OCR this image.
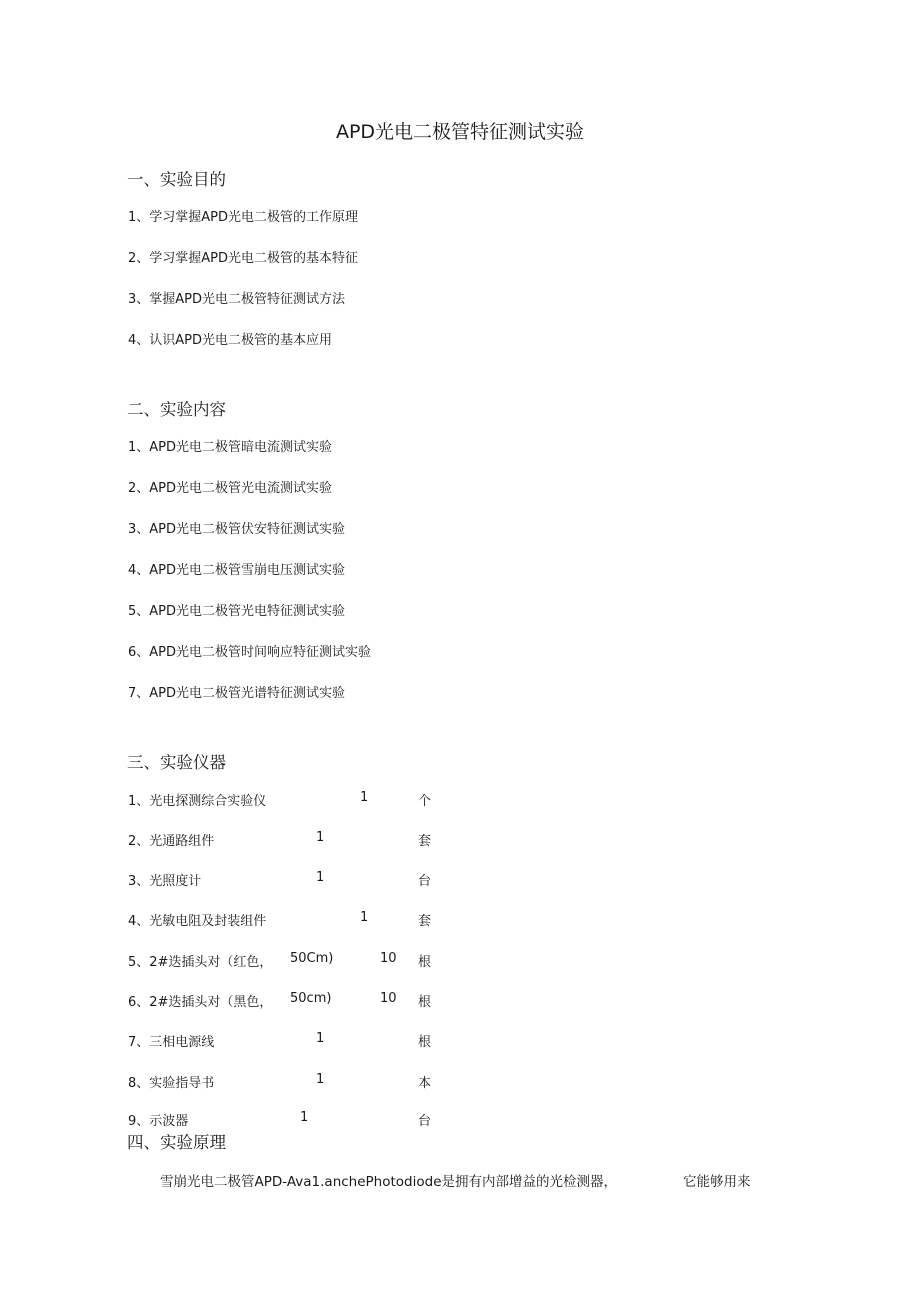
APD光电二极管特征测试实验
一、实验目的
1、学习掌握APD光电二极管的工作原理
2、学习掌握APD光电二极管的基本特征
3、掌握APD光电二极管特征测试方法
4、认识APD光电二极管的基本应用
二、实验内容
1、APD光电二极管暗电流测试实验
2、APD光电二极管光电流测试实验
3、APD光电二极管伏安特征测试实验
4、APD光电二极管雪崩电压测试实验
5、APD光电二极管光电特征测试实验
6、APD光电二极管时间响应特征测试实验
7、APD光电二极管光谱特征测试实验
三、实验仪器
1、光电探测综合实验仪	1	个
2、光通路组件	1	套
3、光照度计	1	台
4、光敏电阻及封装组件	1	套
5、2#迭插头对（红色， 50Cm)	10 根
6、2#迭插头对（黑色， 50cm)	10 根
7、三相电源线	1	根
8、实验指导书	1	本
9、示波器	1	台
四、实验原理
雪崩光电二极管APD-Ava1.anchePhotodiode是拥有内部增益的光检测器，	它能够用来
